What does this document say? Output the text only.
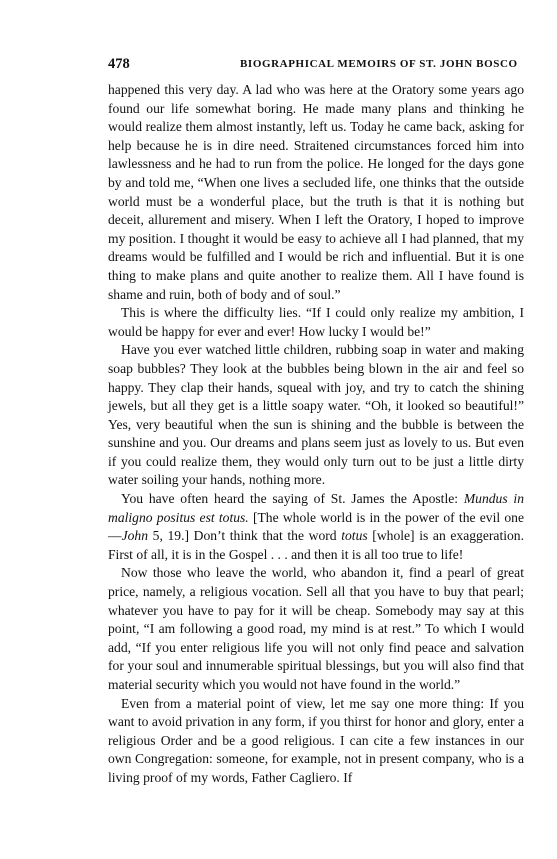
478	BIOGRAPHICAL MEMOIRS OF ST. JOHN BOSCO

happened this very day. A lad who was here at the Oratory some years ago found our life somewhat boring. He made many plans and thinking he would realize them almost instantly, left us. Today he came back, asking for help because he is in dire need. Straitened circumstances forced him into lawlessness and he had to run from the police. He longed for the days gone by and told me, “When one lives a secluded life, one thinks that the outside world must be a wonderful place, but the truth is that it is nothing but deceit, allurement and misery. When I left the Oratory, I hoped to improve my position. I thought it would be easy to achieve all I had planned, that my dreams would be fulfilled and I would be rich and influential. But it is one thing to make plans and quite another to realize them. All I have found is shame and ruin, both of body and of soul.”

This is where the difficulty lies. “If I could only realize my ambition, I would be happy for ever and ever! How lucky I would be!”

Have you ever watched little children, rubbing soap in water and making soap bubbles? They look at the bubbles being blown in the air and feel so happy. They clap their hands, squeal with joy, and try to catch the shining jewels, but all they get is a little soapy water. “Oh, it looked so beautiful!” Yes, very beautiful when the sun is shining and the bubble is between the sunshine and you. Our dreams and plans seem just as lovely to us. But even if you could realize them, they would only turn out to be just a little dirty water soiling your hands, nothing more.

You have often heard the saying of St. James the Apostle: Mundus in maligno positus est totus. [The whole world is in the power of the evil one—John 5, 19.] Don’t think that the word totus [whole] is an exaggeration. First of all, it is in the Gospel . . . and then it is all too true to life!

Now those who leave the world, who abandon it, find a pearl of great price, namely, a religious vocation. Sell all that you have to buy that pearl; whatever you have to pay for it will be cheap. Somebody may say at this point, “I am following a good road, my mind is at rest.” To which I would add, “If you enter religious life you will not only find peace and salvation for your soul and innumerable spiritual blessings, but you will also find that material security which you would not have found in the world.”

Even from a material point of view, let me say one more thing: If you want to avoid privation in any form, if you thirst for honor and glory, enter a religious Order and be a good religious. I can cite a few instances in our own Congregation: someone, for example, not in present company, who is a living proof of my words, Father Cagliero. If
